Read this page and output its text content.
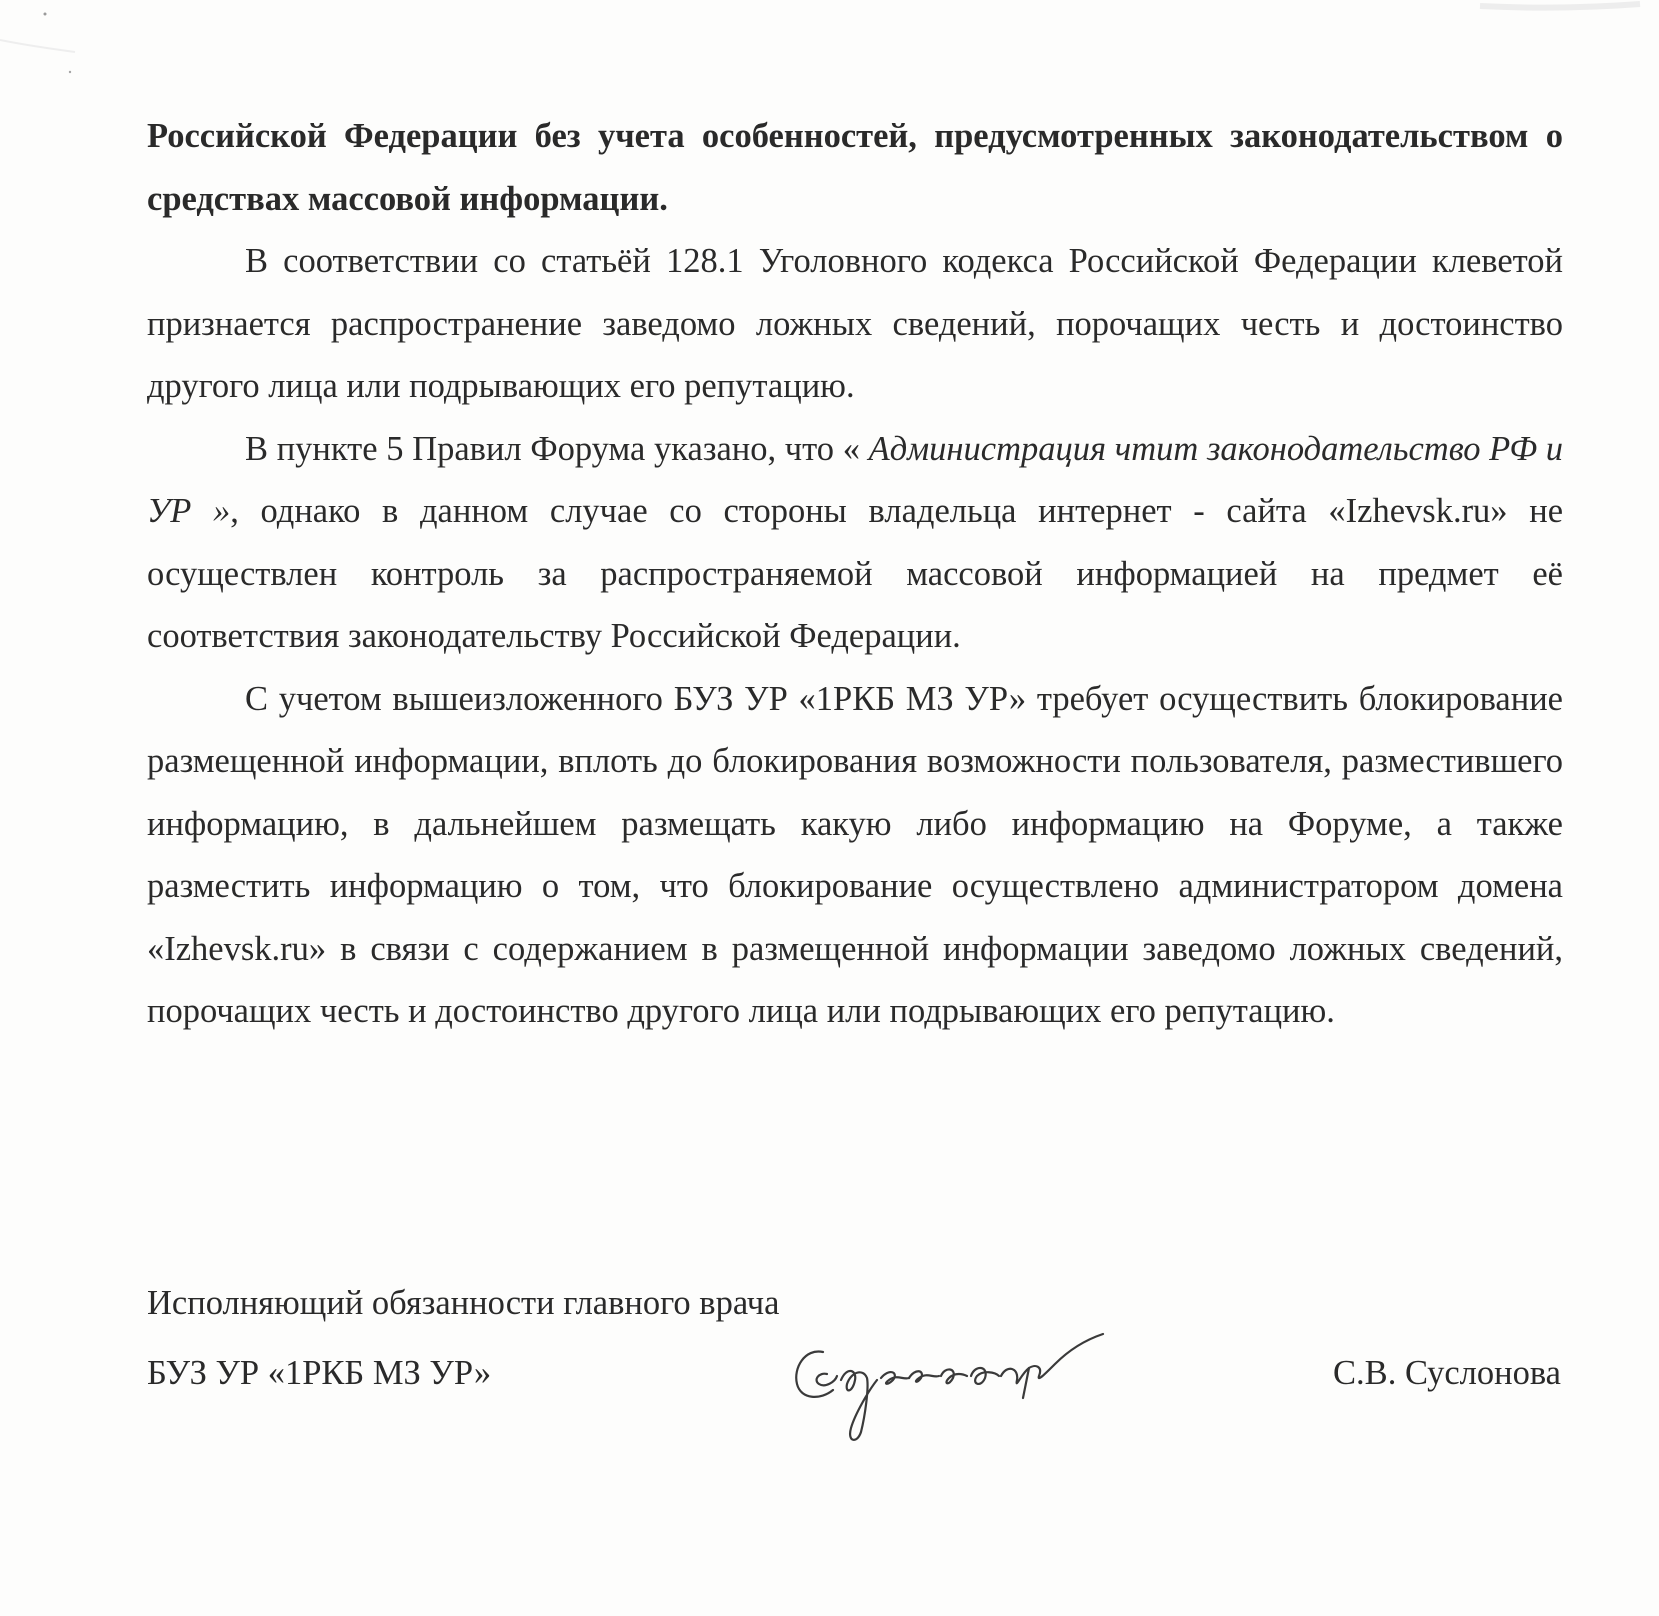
Российской Федерации без учета особенностей, предусмотренных законодательством о средствах массовой информации.

В соответствии со статьёй 128.1 Уголовного кодекса Российской Федерации клеветой признается распространение заведомо ложных сведений, порочащих честь и достоинство другого лица или подрывающих его репутацию.

В пункте 5 Правил Форума указано, что « Администрация чтит законодательство РФ и УР », однако в данном случае со стороны владельца интернет - сайта «Izhevsk.ru» не осуществлен контроль за распространяемой массовой информацией на предмет её соответствия законодательству Российской Федерации.

С учетом вышеизложенного БУЗ УР «1РКБ МЗ УР» требует осуществить блокирование размещенной информации, вплоть до блокирования возможности пользователя, разместившего информацию, в дальнейшем размещать какую либо информацию на Форуме, а также разместить информацию о том, что блокирование осуществлено администратором домена «Izhevsk.ru» в связи с содержанием в размещенной информации заведомо ложных сведений, порочащих честь и достоинство другого лица или подрывающих его репутацию.

Исполняющий обязанности главного врача
БУЗ УР «1РКБ МЗ УР»	С.В. Суслонова
